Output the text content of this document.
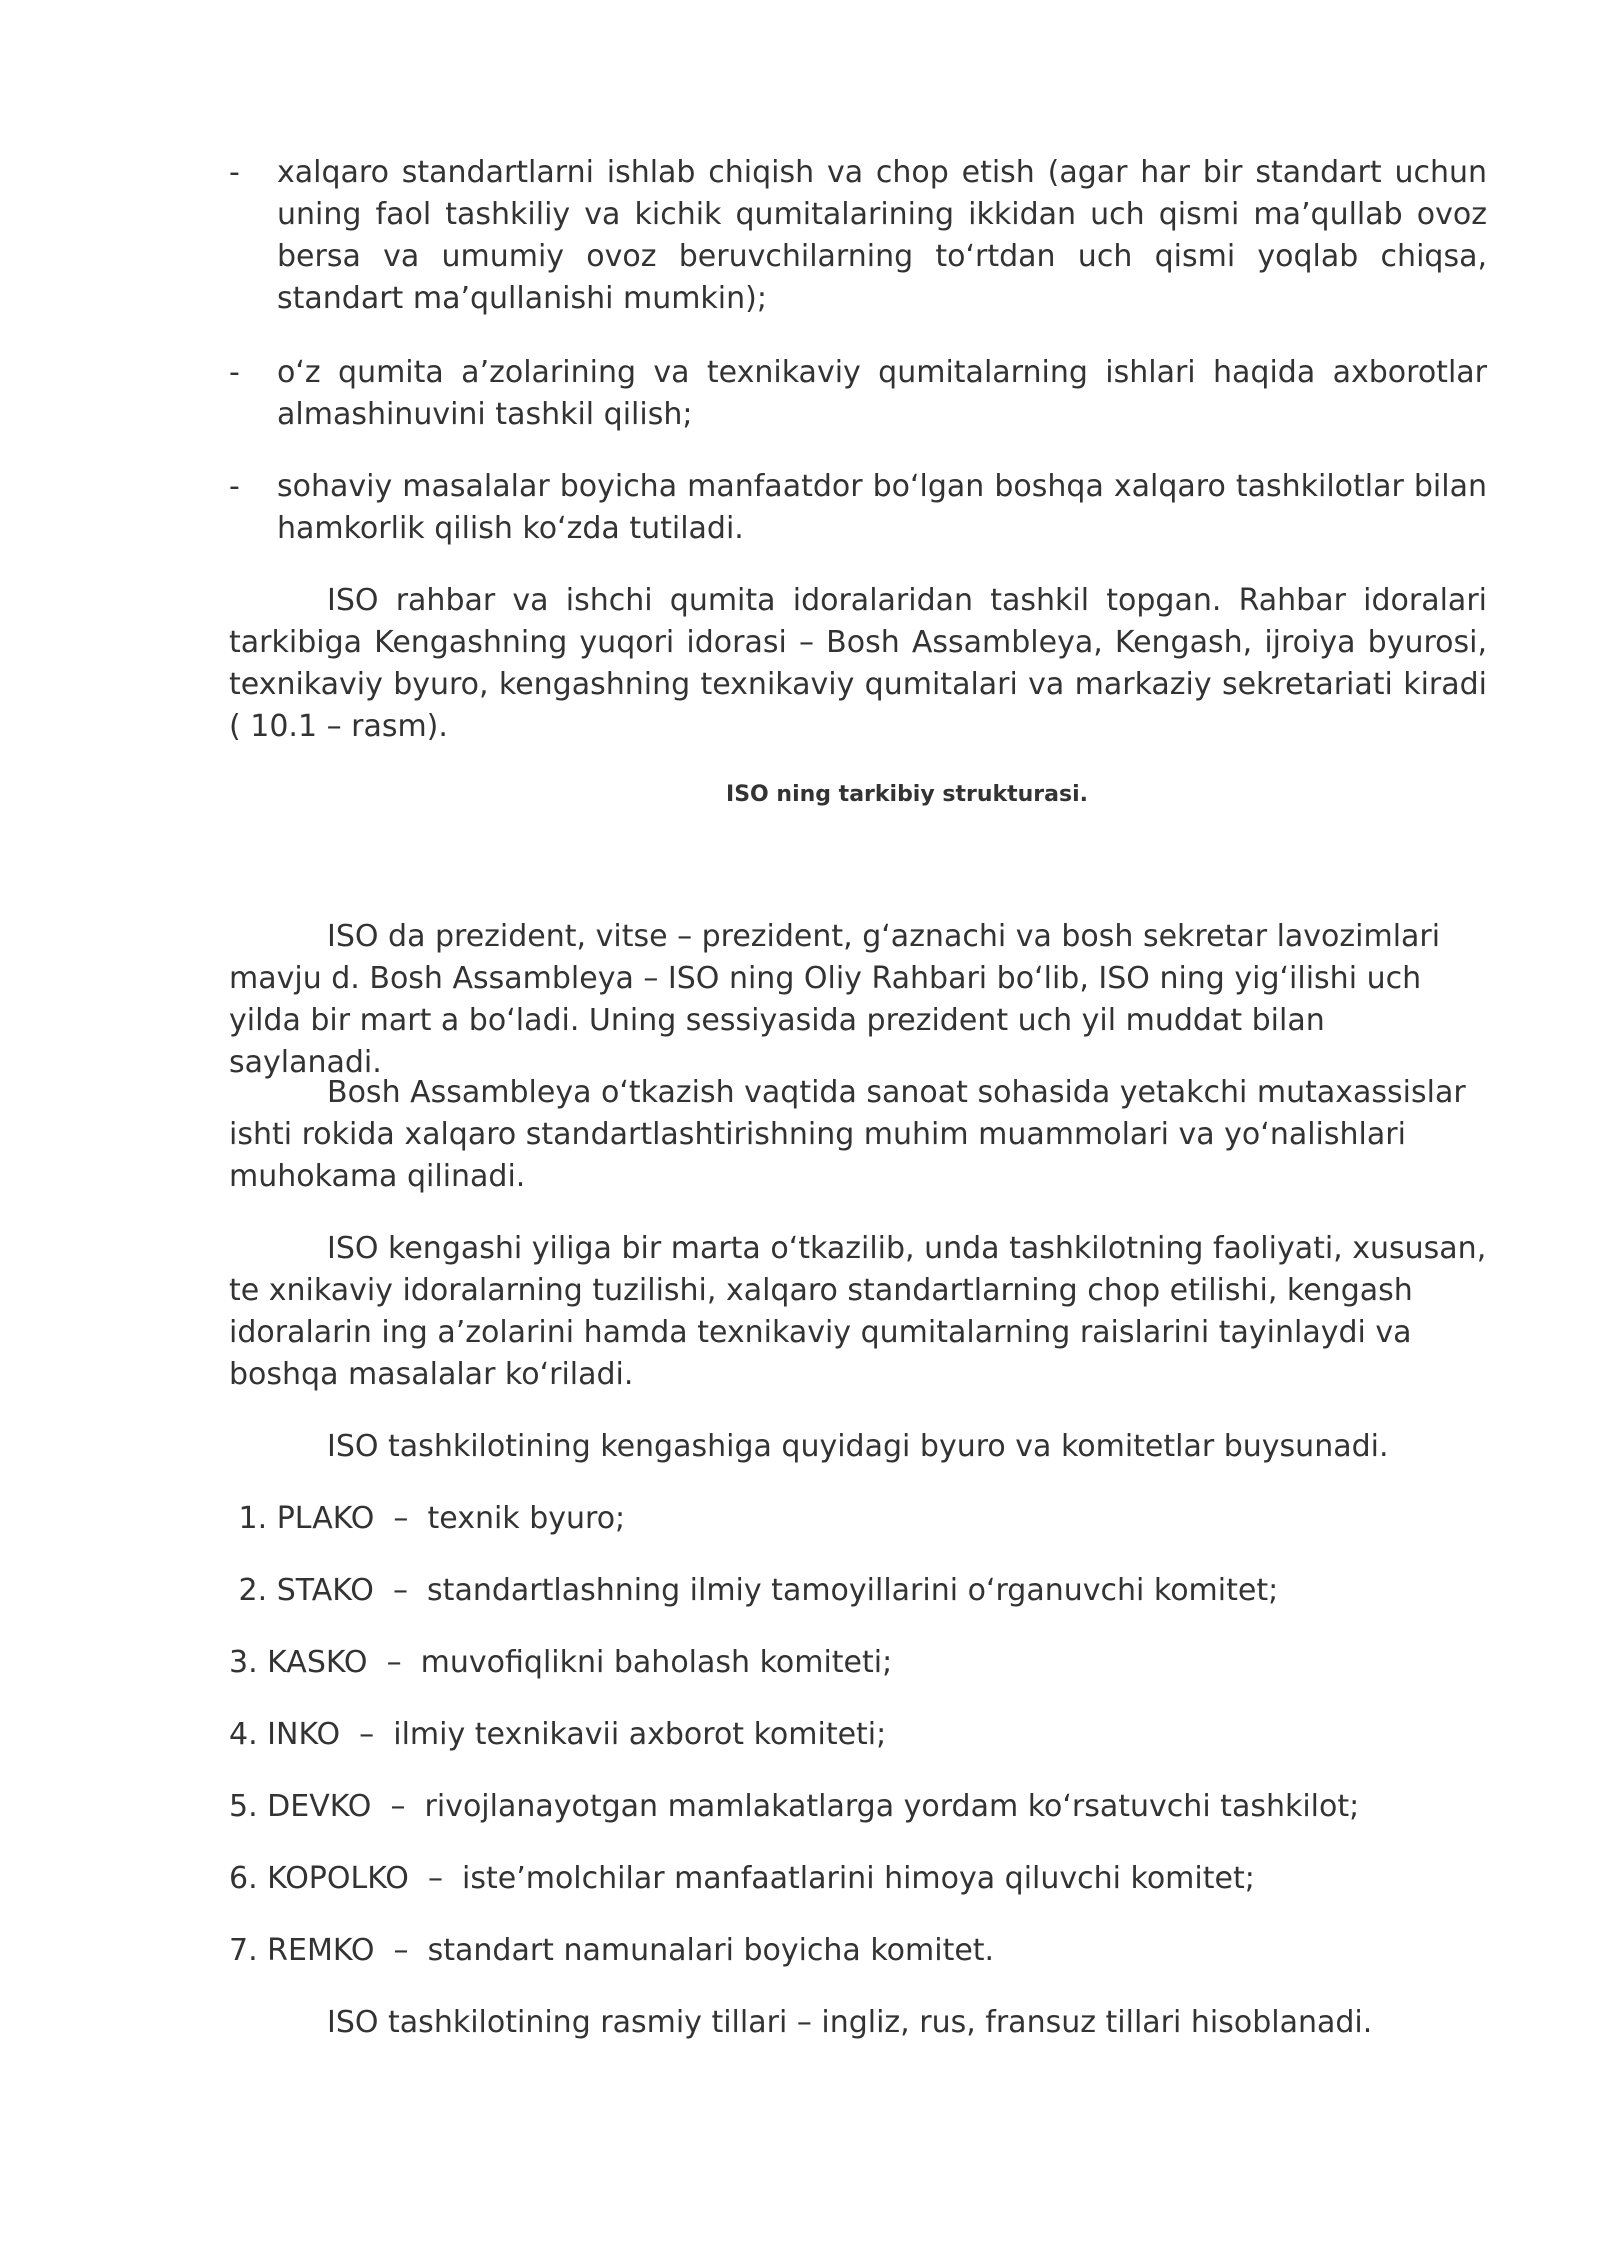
-	xalqaro standartlarni ishlab chiqish va chop etish (agar har bir standart uchun uning faol tashkiliy va kichik qumitalarining ikkidan uch qismi ma’qullab ovoz bersa va umumiy ovoz beruvchilarning to‘rtdan uch qismi yoqlab chiqsa, standart ma’qullanishi mumkin);
-	o‘z qumita a’zolarining va texnikaviy qumitalarning ishlari haqida axborotlar almashinuvini tashkil qilish;
-	sohaviy masalalar boyicha manfaatdor bo‘lgan boshqa xalqaro tashkilotlar bilan hamkorlik qilish ko‘zda tutiladi.

ISO rahbar va ishchi qumita idoralaridan tashkil topgan. Rahbar idoralari tarkibiga Kengashning yuqori idorasi – Bosh Assambleya, Kengash, ijroiya byurosi, texnikaviy byuro, kengashning texnikaviy qumitalari va markaziy sekretariati kiradi ( 10.1 – rasm).

ISO ning tarkibiy strukturasi.

ISO da prezident, vitse – prezident, g‘aznachi va bosh sekretar lavozimlari mavju d. Bosh Assambleya – ISO ning Oliy Rahbari bo‘lib, ISO ning yig‘ilishi uch yilda bir mart a bo‘ladi. Uning sessiyasida prezident uch yil muddat bilan saylanadi.

Bosh Assambleya o‘tkazish vaqtida sanoat sohasida yetakchi mutaxassislar ishti rokida xalqaro standartlashtirishning muhim muammolari va yo‘nalishlari muhokama qilinadi.

ISO kengashi yiliga bir marta o‘tkazilib, unda tashkilotning faoliyati, xususan, te xnikaviy idoralarning tuzilishi, xalqaro standartlarning chop etilishi, kengash idoralarin ing a’zolarini hamda texnikaviy qumitalarning raislarini tayinlaydi va boshqa masalalar ko‘riladi.

ISO tashkilotining kengashiga quyidagi byuro va komitetlar buysunadi.

1. PLAKO  –  texnik byuro;
2. STAKO  –  standartlashning ilmiy tamoyillarini o‘rganuvchi komitet;
3. KASKO  –  muvofiqlikni baholash komiteti;
4. INKO  –  ilmiy texnikavii axborot komiteti;
5. DEVKO  –  rivojlanayotgan mamlakatlarga yordam ko‘rsatuvchi tashkilot;
6. KOPOLKO  –  iste’molchilar manfaatlarini himoya qiluvchi komitet;
7. REMKO  –  standart namunalari boyicha komitet.

ISO tashkilotining rasmiy tillari – ingliz, rus, fransuz tillari hisoblanadi.
